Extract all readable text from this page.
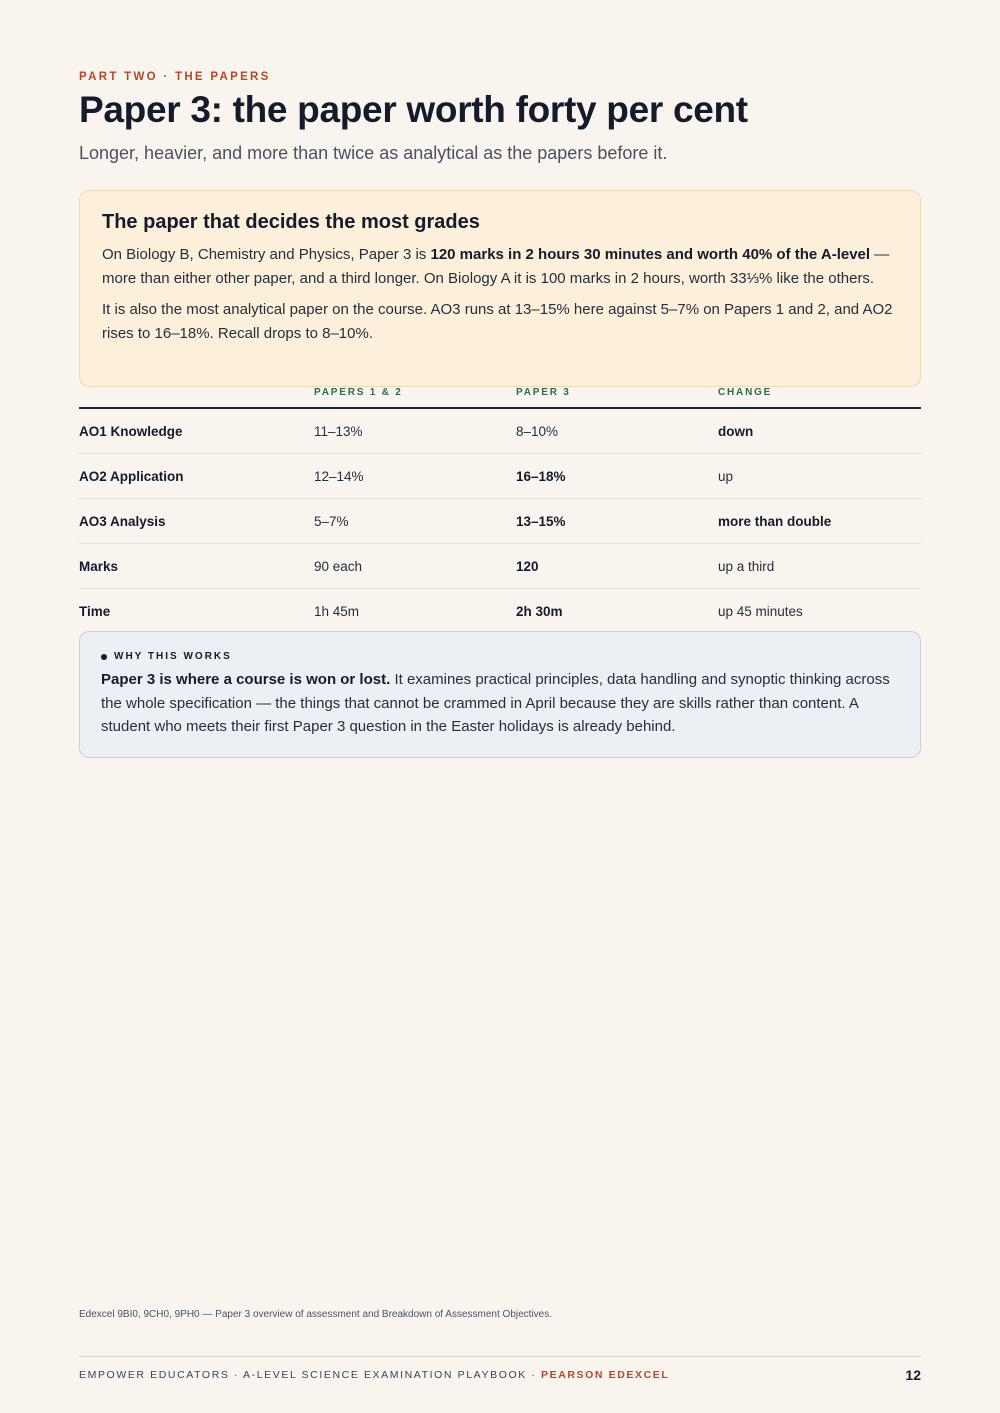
PART TWO · THE PAPERS
Paper 3: the paper worth forty per cent

Longer, heavier, and more than twice as analytical as the papers before it.

The paper that decides the most grades

On Biology B, Chemistry and Physics, Paper 3 is 120 marks in 2 hours 30 minutes and worth 40% of the A-level — more than either other paper, and a third longer. On Biology A it is 100 marks in 2 hours, worth 33⅓% like the others.

It is also the most analytical paper on the course. AO3 runs at 13–15% here against 5–7% on Papers 1 and 2, and AO2 rises to 16–18%. Recall drops to 8–10%.

	PAPERS 1 & 2	PAPER 3	CHANGE
AO1 Knowledge	11–13%	8–10%	down
AO2 Application	12–14%	16–18%	up
AO3 Analysis	5–7%	13–15%	more than double
Marks	90 each	120	up a third
Time	1h 45m	2h 30m	up 45 minutes
WHY THIS WORKS

Paper 3 is where a course is won or lost. It examines practical principles, data handling and synoptic thinking across the whole specification — the things that cannot be crammed in April because they are skills rather than content. A student who meets their first Paper 3 question in the Easter holidays is already behind.

Edexcel 9BI0, 9CH0, 9PH0 — Paper 3 overview of assessment and Breakdown of Assessment Objectives.
EMPOWER EDUCATORS · A-LEVEL SCIENCE EXAMINATION PLAYBOOK · PEARSON EDEXCEL	12
